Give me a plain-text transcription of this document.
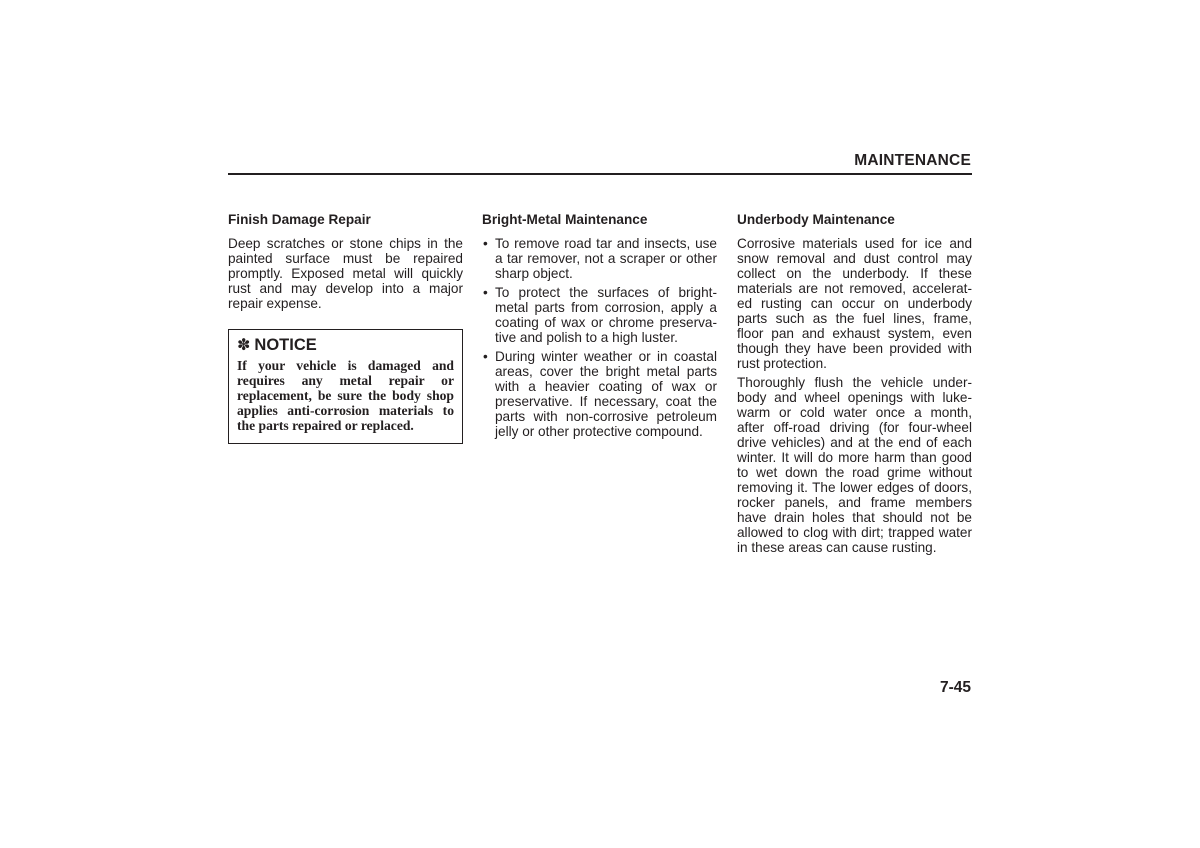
MAINTENANCE
Finish Damage Repair
Deep scratches or stone chips in the painted surface must be repaired promptly. Exposed metal will quickly rust and may develop into a major repair expense.
✽ NOTICE
If your vehicle is damaged and requires any metal repair or replacement, be sure the body shop applies anti-corrosion materials to the parts repaired or replaced.
Bright-Metal Maintenance
• To remove road tar and insects, use a tar remover, not a scraper or other sharp object.
• To protect the surfaces of bright-metal parts from corrosion, apply a coating of wax or chrome preserva-tive and polish to a high luster.
• During winter weather or in coastal areas, cover the bright metal parts with a heavier coating of wax or preservative. If necessary, coat the parts with non-corrosive petroleum jelly or other protective compound.
Underbody Maintenance
Corrosive materials used for ice and snow removal and dust control may collect on the underbody. If these materials are not removed, accelerat-ed rusting can occur on underbody parts such as the fuel lines, frame, floor pan and exhaust system, even though they have been provided with rust protection.
Thoroughly flush the vehicle under-body and wheel openings with luke-warm or cold water once a month, after off-road driving (for four-wheel drive vehicles) and at the end of each winter. It will do more harm than good to wet down the road grime without removing it. The lower edges of doors, rocker panels, and frame members have drain holes that should not be allowed to clog with dirt; trapped water in these areas can cause rusting.
7-45
